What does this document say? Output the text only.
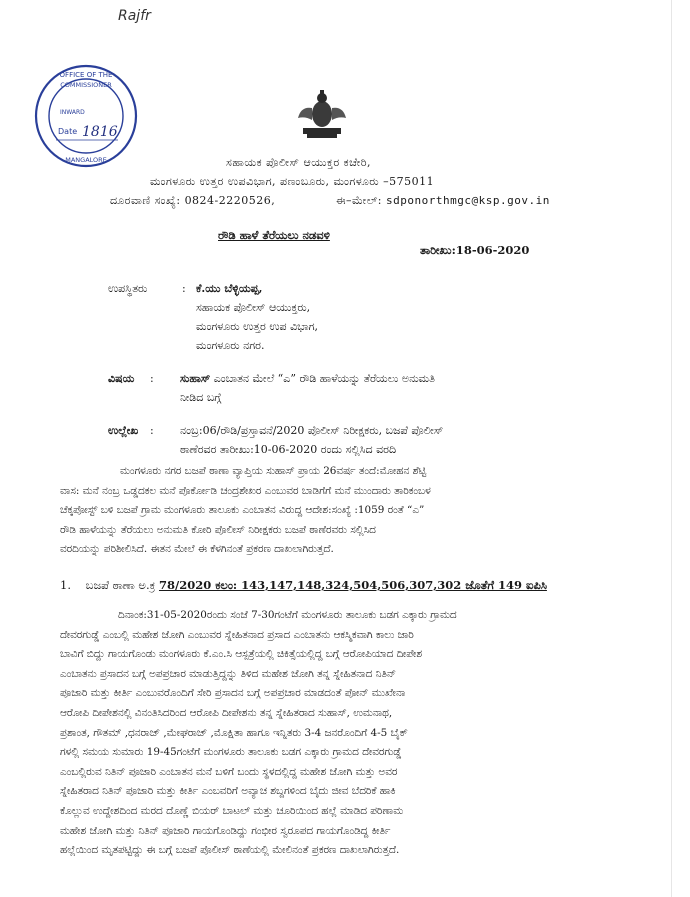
Rajfr
OFFICE OF THE
COMMISSIONER
MANGALORE
INWARD
Date 1816
ಸಹಾಯಕ ಪೊಲೀಸ್ ಆಯುಕ್ತರ ಕಚೇರಿ,
ಮಂಗಳೂರು ಉತ್ತರ ಉಪವಿಭಾಗ, ಪಣಂಬೂರು, ಮಂಗಳೂರು –575011
ದೂರವಾಣಿ ಸಂಖ್ಯೆ: 0824-2220526,	ಈ–ಮೇಲ್: sdponorthmgc@ksp.gov.in
ರೌಡಿ ಹಾಳೆ ತೆರೆಯಲು ನಡವಳಿ
ತಾರೀಖು:18-06-2020
ಉಪಸ್ಥಿತರು	: ಕೆ.ಯು ಬೆಳ್ಳಿಯಪ್ಪ,
ಸಹಾಯಕ ಪೊಲೀಸ್ ಆಯುಕ್ತರು,
ಮಂಗಳೂರು ಉತ್ತರ ಉಪ ವಿಭಾಗ,
ಮಂಗಳೂರು ನಗರ.
ವಿಷಯ : ಸುಹಾಸ್ ಎಂಬಾತನ ಮೇಲೆ “ಎ” ರೌಡಿ ಹಾಳೆಯನ್ನು ತೆರೆಯಲು ಅನುಮತಿ
ನೀಡಿದ ಬಗ್ಗೆ
ಉಲ್ಲೇಖ : ನಂಬ್ರ:06/ರೌಡಿ/ಪ್ರಸ್ತಾವನೆ/2020 ಪೊಲೀಸ್ ನಿರೀಕ್ಷಕರು, ಬಜಪೆ ಪೊಲೀಸ್
ಠಾಣೆರವರ ತಾರೀಖು:10-06-2020 ರಂದು ಸಲ್ಲಿಸಿದ ವರದಿ
ಮಂಗಳೂರು ನಗರ ಬಜಪೆ ಠಾಣಾ ವ್ಯಾಪ್ತಿಯ ಸುಹಾಸ್ ಪ್ರಾಯ 26ವರ್ಷ ತಂದೆ:ಮೋಹನ ಶೆಟ್ಟಿ
ವಾಸ: ಮನೆ ನಂಬ್ರ ಒಡ್ಡದಕಲ ಮನೆ ಪೊರ್ಕೋಡಿ ಚಂದ್ರಶೇಖರ ಎಂಬುವರ ಬಾಡಿಗೆಗೆ ಮನೆ ಮುಂದಾರು ತಾರಿಕಂಬಳ
ಚೆಕ್ಕಪೋಸ್ಟ್ ಬಳಿ ಬಜಪೆ ಗ್ರಾಮ ಮಂಗಳೂರು ತಾಲೂಕು ಎಂಬಾತನ ವಿರುದ್ದ ಆದೇಶ:ಸಂಖ್ಯೆ :1059 ರಂತೆ “ಎ”
ರೌಡಿ ಹಾಳೆಯನ್ನು ತೆರೆಯಲು ಅನುಮತಿ ಕೋರಿ ಪೊಲೀಸ್ ನಿರೀಕ್ಷಕರು ಬಜಪೆ ಠಾಣೆರವರು ಸಲ್ಲಿಸಿದ
ವರದಿಯನ್ನು ಪರಿಶೀಲಿಸಿದೆ. ಈತನ ಮೇಲೆ ಈ ಕೆಳಗಿನಂತೆ ಪ್ರಕರಣ ದಾಖಲಾಗಿರುತ್ತದೆ.
1. ಬಜಪೆ ಠಾಣಾ ಅ.ಕ್ರ 78/2020 ಕಲಂ: 143,147,148,324,504,506,307,302 ಜೊತೆಗೆ 149 ಐಪಿಸಿ
ದಿನಾಂಕ:31-05-2020ರಂದು ಸಂಜೆ 7-30ಗಂಟೆಗೆ ಮಂಗಳೂರು ತಾಲೂಕು ಬಡಗ ಎಕ್ಕಾರು ಗ್ರಾಮದ
ದೇವರಗುಡ್ಡೆ ಎಂಬಲ್ಲಿ ಮಹೇಶ ಜೋಗಿ ಎಂಬುವರ ಸ್ನೇಹಿತನಾದ ಪ್ರಸಾದ ಎಂಬಾತನು ಆಕಸ್ಮಿಕವಾಗಿ ಕಾಲು ಜಾರಿ
ಬಾವಿಗೆ ಬಿದ್ದು ಗಾಯಗೊಂಡು ಮಂಗಳೂರು ಕೆ.ಎಂ.ಸಿ ಆಸ್ಪತ್ರೆಯಲ್ಲಿ ಚಿಕಿತ್ಸೆಯಲ್ಲಿದ್ದ ಬಗ್ಗೆ ಆರೋಪಿಯಾದ ದೀಪೇಶ
ಎಂಬಾತನು ಪ್ರಸಾದನ ಬಗ್ಗೆ ಅಪಪ್ರಚಾರ ಮಾಡುತ್ತಿದ್ದನ್ನು ತಿಳಿದ ಮಹೇಶ ಜೋಗಿ ತನ್ನ ಸ್ನೇಹಿತನಾದ ನಿತಿನ್
ಪೂಜಾರಿ ಮತ್ತು ಕೀರ್ತಿ ಎಂಬುವರೊಂದಿಗೆ ಸೇರಿ ಪ್ರಸಾದನ ಬಗ್ಗೆ ಅಪಪ್ರಚಾರ ಮಾಡದಂತೆ ಪೋನ್ ಮುಖೇನಾ
ಆರೋಪಿ ದೀಪೇಶನಲ್ಲಿ ವಿನಂತಿಸಿದರಿಂದ ಆರೋಪಿ ದೀಪೇಶನು ತನ್ನ ಸ್ನೇಹಿತರಾದ ಸುಹಾಸ್, ಉಮನಾಥ,
ಪ್ರಶಾಂತ, ಗೌತಮ್ ,ಧನರಾಜ್ ,ಮೇಘರಾಜ್ ,ಮೊಕ್ಷಿತಾ ಹಾಗೂ ಇನ್ನಿತರು 3-4 ಜನರೊಂದಿಗೆ 4-5 ಬೈಕ್
ಗಳಲ್ಲಿ ಸಮಯ ಸುಮಾರು 19-45ಗಂಟೆಗೆ ಮಂಗಳೂರು ತಾಲೂಕು ಬಡಗ ಎಕ್ಕಾರು ಗ್ರಾಮದ ದೇವರಗುಡ್ಡೆ
ಎಂಬಲ್ಲಿರುವ ನಿತಿನ್ ಪೂಜಾರಿ ಎಂಬಾತನ ಮನೆ ಬಳಿಗೆ ಬಂದು ಸ್ಥಳದಲ್ಲಿದ್ದ ಮಹೇಶ ಜೋಗಿ ಮತ್ತು ಅವರ
ಸ್ನೇಹಿತರಾದ ನಿತಿನ್ ಪೂಜಾರಿ ಮತ್ತು ಕೀರ್ತಿ ಎಂಬವರಿಗೆ ಅವ್ಯಾಚ ಶಬ್ದಗಳಿಂದ ಬೈದು ಜೀವ ಬೆದರಿಕೆ ಹಾಕಿ
ಕೊಲ್ಲುವ ಉದ್ದೇಶದಿಂದ ಮರದ ದೊಣ್ಣೆ ಬಿಯರ್ ಬಾಟಲ್ ಮತ್ತು ಚೂರಿಯಿಂದ ಹಲ್ಲೆ ಮಾಡಿದ ಪರಿಣಾಮ
ಮಹೇಶ ಜೋಗಿ ಮತ್ತು ನಿತಿನ್ ಪೂಜಾರಿ ಗಾಯಗೊಂಡಿದ್ದು ಗಂಭೀರ ಸ್ವರೂಪದ ಗಾಯಗೊಂಡಿದ್ದ ಕೀರ್ತಿ
ಹಲ್ಲೆಯಿಂದ ಮೃತಪಟ್ಟಿದ್ದು ಈ ಬಗ್ಗೆ ಬಜಪೆ ಪೊಲೀಸ್ ಠಾಣೆಯಲ್ಲಿ ಮೇಲಿನಂತೆ ಪ್ರಕರಣ ದಾಖಲಾಗಿರುತ್ತದೆ.
